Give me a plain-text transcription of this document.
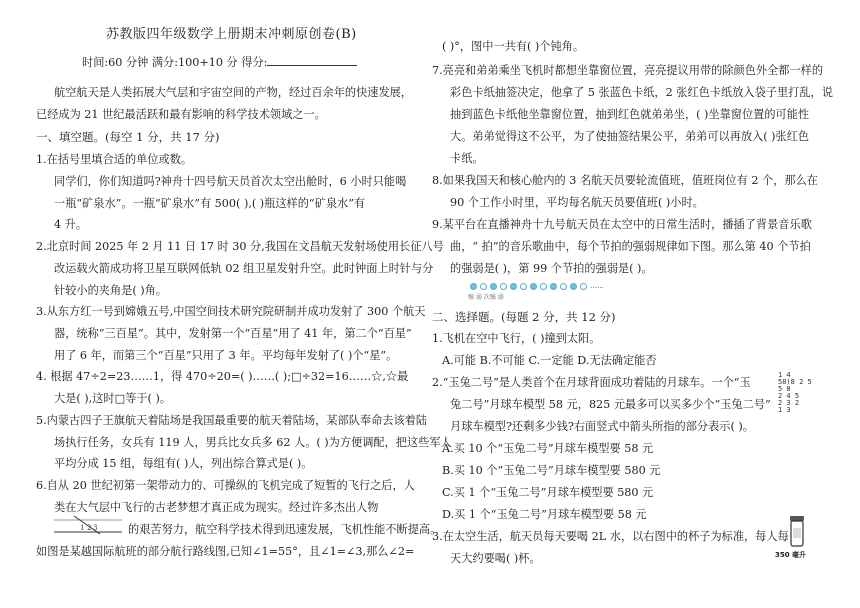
苏教版四年级数学上册期末冲刺原创卷(B)
时间:60 分钟 满分:100+10 分 得分:
航空航天是人类拓展大气层和宇宙空间的产物，经过百余年的快速发展，
已经成为 21 世纪最活跃和最有影响的科学技术领域之一。
一、填空题。(每空 1 分，共 17 分)
1.在括号里填合适的单位或数。
同学们，你们知道吗?神舟十四号航天员首次太空出舱时，6 小时只能喝
一瓶“矿泉水”。一瓶“矿泉水”有 500( ),( )瓶这样的“矿泉水”有
4 升。
2.北京时间 2025 年 2 月 11 日 17 时 30 分,我国在文昌航天发射场使用长征八号
改运载火箭成功将卫星互联网低轨 02 组卫星发射升空。此时钟面上时针与分
针较小的夹角是( )角。
3.从东方红一号到嫦娥五号,中国空间技术研究院研制并成功发射了 300 个航天
器，统称“三百星”。其中，发射第一个“百星”用了 41 年，第二个“百星”
用了 6 年，而第三个“百星”只用了 3 年。平均每年发射了( )个“星”。
4. 根据 47÷2=23……1，得 470÷20=( )……( );□÷32=16……☆,☆最
大是( ),这时□等于( )。
5.内蒙古四子王旗航天着陆场是我国最重要的航天着陆场，某部队奉命去该着陆
场执行任务，女兵有 119 人，男兵比女兵多 62 人。( )为方便调配，把这些军人
平均分成 15 组，每组有( )人，列出综合算式是( )。
6.自从 20 世纪初第一架带动力的、可操纵的飞机完成了短暂的飞行之后，人
类在大气层中飞行的古老梦想才真正成为现实。经过许多杰出人物
1 2 3	的艰苦努力，航空科学技术得到迅速发展，飞机性能不断提高。
如图是某越国际航班的部分航行路线图,已知∠1=55°，且∠1=∠3,那么∠2=
( )°，图中一共有( )个钝角。
7.亮亮和弟弟乘坐飞机时都想坐靠窗位置，亮亮提议用带的除颜色外全都一样的
彩色卡纸抽签决定，他拿了 5 张蓝色卡纸，2 张红色卡纸放入袋子里打乱，说
抽到蓝色卡纸他坐靠窗位置，抽到红色就弟弟坐，( )坐靠窗位置的可能性
大。弟弟觉得这不公平，为了使抽签结果公平，弟弟可以再放入( )张红色
卡纸。
8.如果我国天和核心舱内的 3 名航天员要轮流值班，值班岗位有 2 个，那么在
90 个工作小时里，平均每名航天员要值班( )小时。
9.某平台在直播神舟十九号航天员在太空中的日常生活时，播插了背景音乐歌
曲，“ 拍”的音乐歌曲中，每个节拍的强弱规律如下图。那么第 40 个节拍
的强弱是( )，第 99 个节拍的强弱是( )。
……
强 弱 次强 弱
二、选择题。(每题 2 分，共 12 分)
1.飞机在空中飞行，( )撞到太阳。
A.可能 B.不可能 C.一定能 D.无法确定能否
2.“玉兔二号”是人类首个在月球背面成功着陆的月球车。一个“玉
兔二号”月球车模型 58 元，825 元最多可以买多少个“玉兔二号”
月球车模型?还剩多少钱?右面竖式中箭头所指的部分表示( )。
1 4
58)8 2 5
5 8
2 4 5
2 3 2
1 3
A.买 10 个“玉兔二号”月球车模型要 58 元
B.买 10 个“玉兔二号”月球车模型要 580 元
C.买 1 个“玉兔二号”月球车模型要 580 元
D.买 1 个“玉兔二号”月球车模型要 58 元
3.在太空生活，航天员每天要喝 2L 水，以右图中的杯子为标准，每人每
天大约要喝( )杯。	350 毫升
